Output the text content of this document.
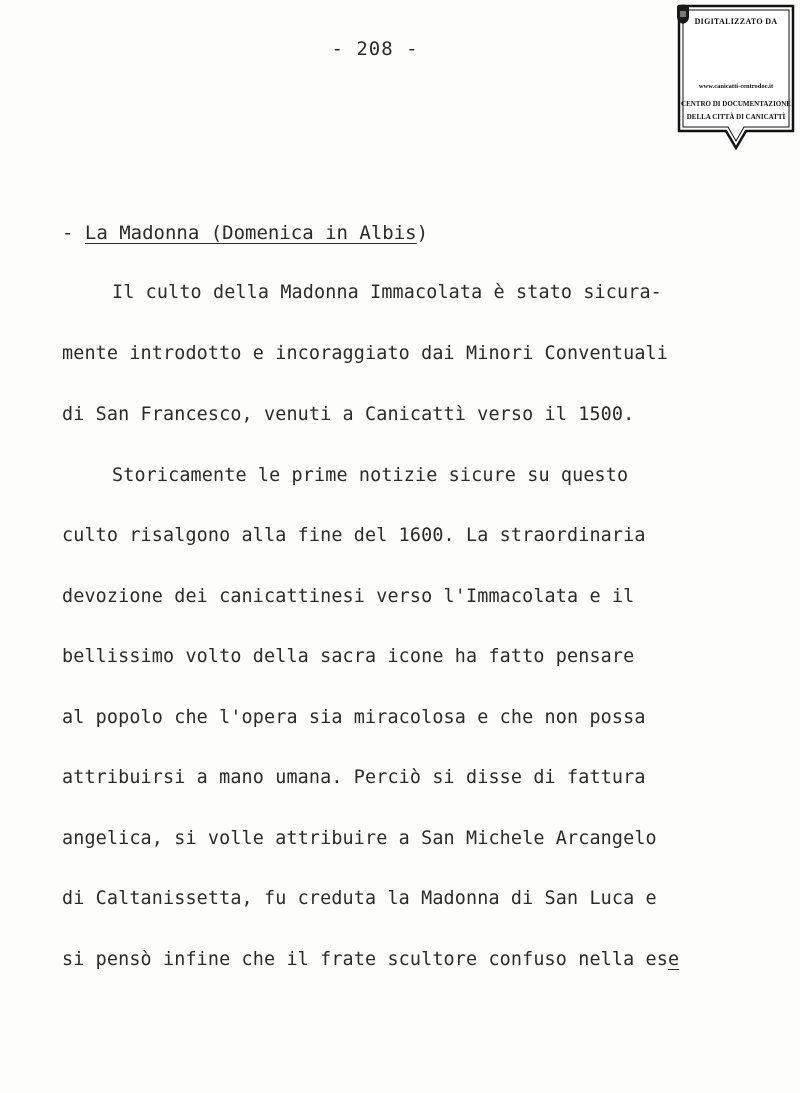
- 208 -
DIGITALIZZATO DA
www.canicatti-centrodoc.it
CENTRO DI DOCUMENTAZIONE
DELLA CITTÀ DI CANICATTÌ
- La Madonna (Domenica in Albis)
Il culto della Madonna Immacolata è stato sicura-
mente introdotto e incoraggiato dai Minori Conventuali
di San Francesco, venuti a Canicattì verso il 1500.
Storicamente le prime notizie sicure su questo
culto risalgono alla fine del 1600. La straordinaria
devozione dei canicattinesi verso l'Immacolata e il
bellissimo volto della sacra icone ha fatto pensare
al popolo che l'opera sia miracolosa e che non possa
attribuirsi a mano umana. Perciò si disse di fattura
angelica, si volle attribuire a San Michele Arcangelo
di Caltanissetta, fu creduta la Madonna di San Luca e
si pensò infine che il frate scultore confuso nella ese
